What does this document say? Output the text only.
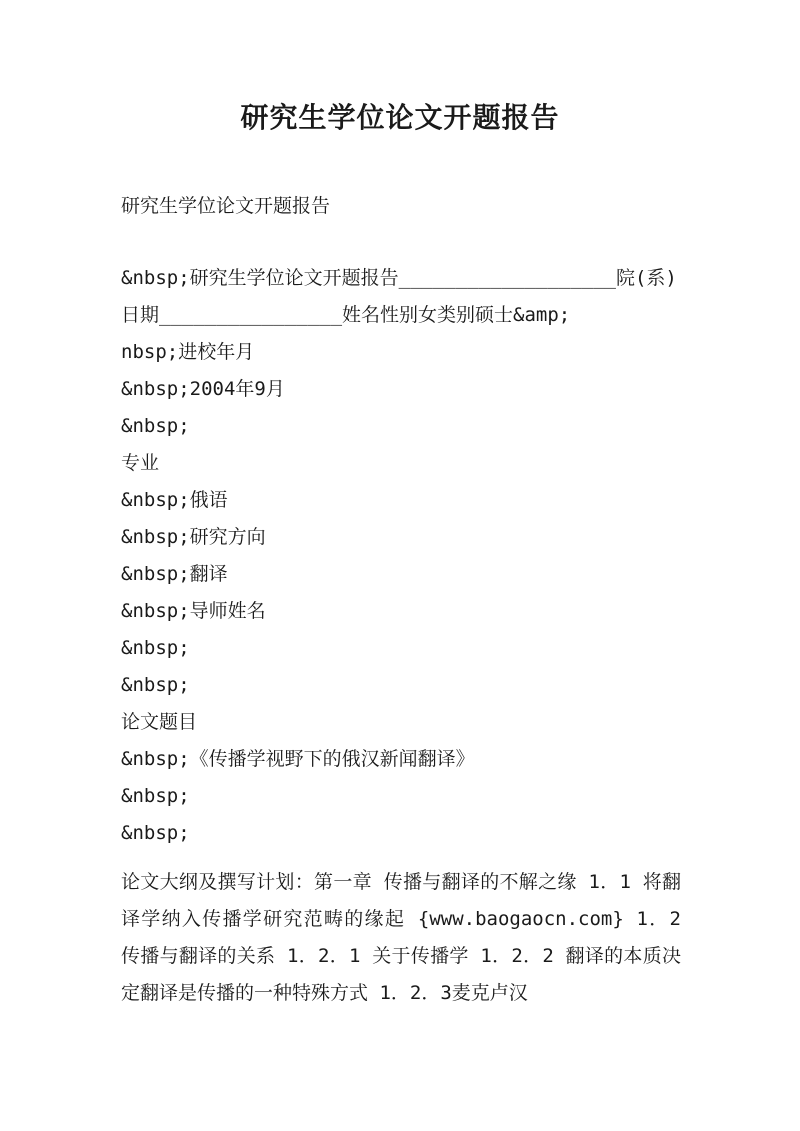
研究生学位论文开题报告

研究生学位论文开题报告

&nbsp;研究生学位论文开题报告___________________院(系)
日期________________姓名性别女类别硕士&amp;
nbsp;进校年月
&nbsp;2004年9月
&nbsp;
专业
&nbsp;俄语
&nbsp;研究方向
&nbsp;翻译
&nbsp;导师姓名
&nbsp;
&nbsp;
论文题目
&nbsp;《传播学视野下的俄汉新闻翻译》
&nbsp;
&nbsp;

论文大纲及撰写计划：第一章 传播与翻译的不解之缘 1．1 将翻译学纳入传播学研究范畴的缘起 {www.baogaocn.com} 1．2 传播与翻译的关系 1．2．1 关于传播学 1．2．2 翻译的本质决定翻译是传播的一种特殊方式 1．2．3麦克卢汉
